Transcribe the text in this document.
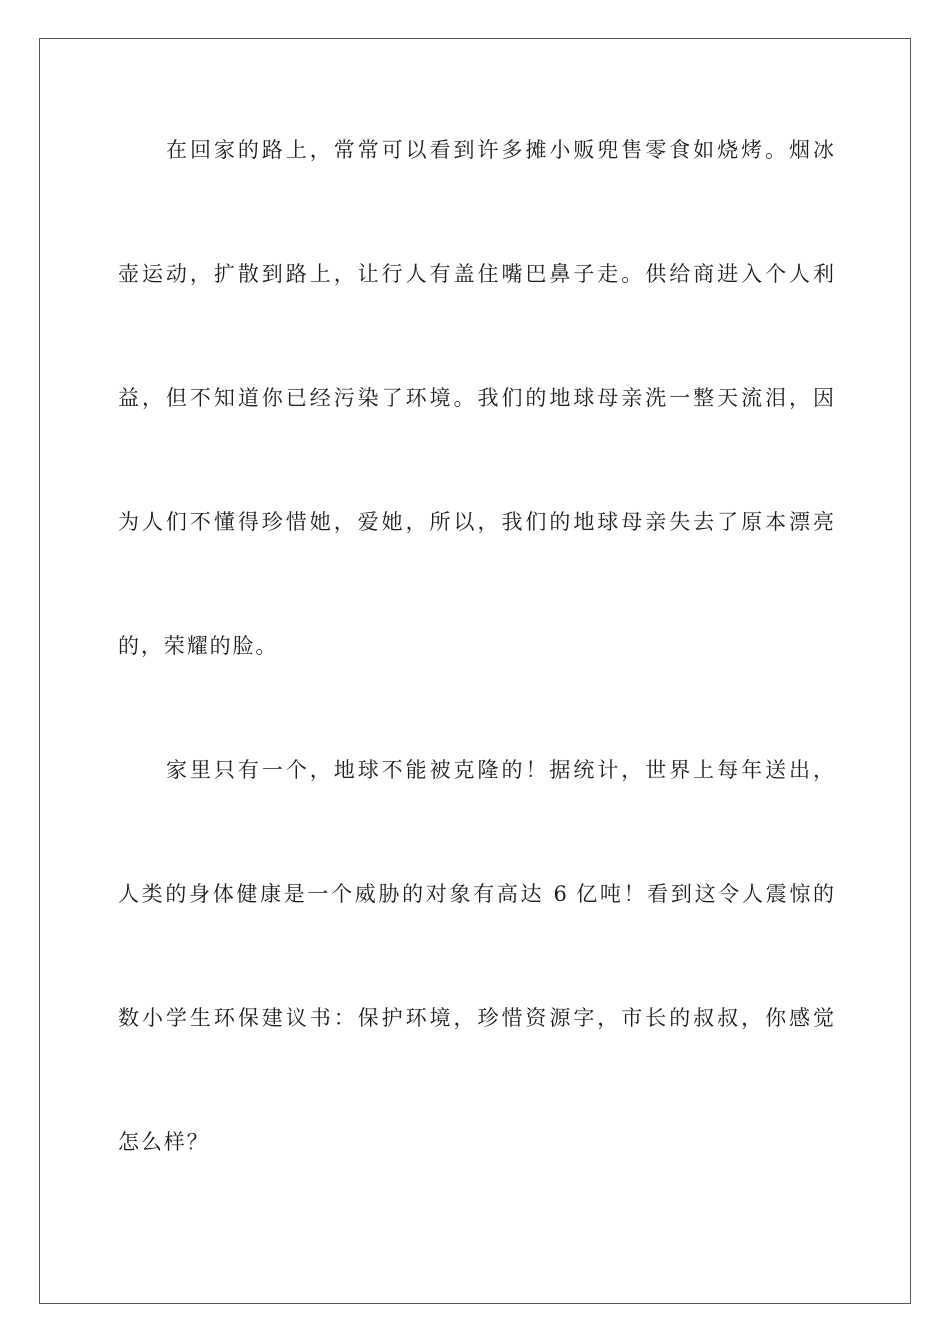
在回家的路上，常常可以看到许多摊小贩兜售零食如烧烤。烟冰
壶运动，扩散到路上，让行人有盖住嘴巴鼻子走。供给商进入个人利
益，但不知道你已经污染了环境。我们的地球母亲洗一整天流泪，因
为人们不懂得珍惜她，爱她，所以，我们的地球母亲失去了原本漂亮
的，荣耀的脸。
家里只有一个，地球不能被克隆的！据统计，世界上每年送出，
人类的身体健康是一个威胁的对象有高达 6 亿吨！看到这令人震惊的
数小学生环保建议书：保护环境，珍惜资源字，市长的叔叔，你感觉
怎么样？
